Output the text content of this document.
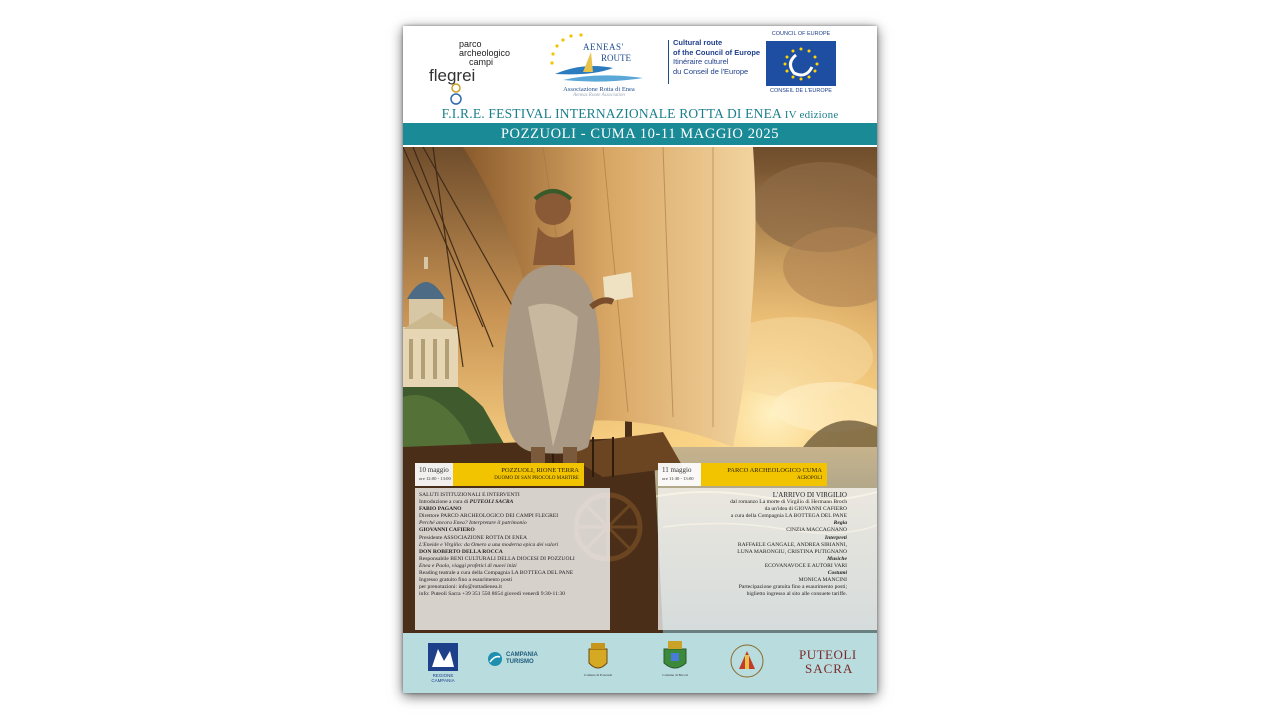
parco
archeologico
campi
flegrei
AENEAS'
ROUTE
Associazione Rotta di Enea
Aeneas Route Association
Cultural route
of the Council of Europe
Itinéraire culturel
du Conseil de l'Europe
COUNCIL OF EUROPE
CONSEIL DE L'EUROPE
F.I.R.E. FESTIVAL INTERNAZIONALE ROTTA DI ENEA IV edizione
POZZUOLI - CUMA 10-11 MAGGIO 2025
10 maggio
ore 12:00 - 13:00
POZZUOLI, RIONE TERRA
DUOMO DI SAN PROCOLO MARTIRE
11 maggio
ore 11:30 - 13:00
PARCO ARCHEOLOGICO CUMA
ACROPOLI
SALUTI ISTITUZIONALI E INTERVENTI
Introduzione a cura di PUTEOLI SACRA
FABIO PAGANO
Direttore PARCO ARCHEOLOGICO DEI CAMPI FLEGREI
Perché ancora Enea? Interpretare il patrimonio
GIOVANNI CAFIERO
Presidente ASSOCIAZIONE ROTTA DI ENEA
L'Eneide e Virgilio: da Omero a una moderna epica dei valori
DON ROBERTO DELLA ROCCA
Responsabile BENI CULTURALI DELLA DIOCESI DI POZZUOLI
Enea e Paolo, viaggi profetici di nuovi inizi
Reading teatrale a cura della Compagnia LA BOTTEGA DEL PANE
Ingresso gratuito fino a esaurimento posti
per prenotazioni: info@rottadienea.it
info: Puteoli Sacra +39 351 550 8654 giovedì venerdì 9:30-11:30
L'ARRIVO DI VIRGILIO
dal romanzo La morte di Virgilio di Hermann Broch
da un'idea di GIOVANNI CAFIERO
a cura della Compagnia LA BOTTEGA DEL PANE
Regia
CINZIA MACCAGNANO
Interpreti
RAFFAELE GANGALE, ANDREA SIRIANNI,
LUNA MARONGIU, CRISTINA PUTIGNANO
Musiche
ECOVANAVOCE E AUTORI VARI
Costumi
MONICA MANCINI
Partecipazione gratuita fino a esaurimento posti;
biglietto ingresso al sito alle consuete tariffe.
REGIONE CAMPANIA
CAMPANIA
TURISMO
Comune di Pozzuoli	Comune di Bacoli
PUTEOLI
SACRA
